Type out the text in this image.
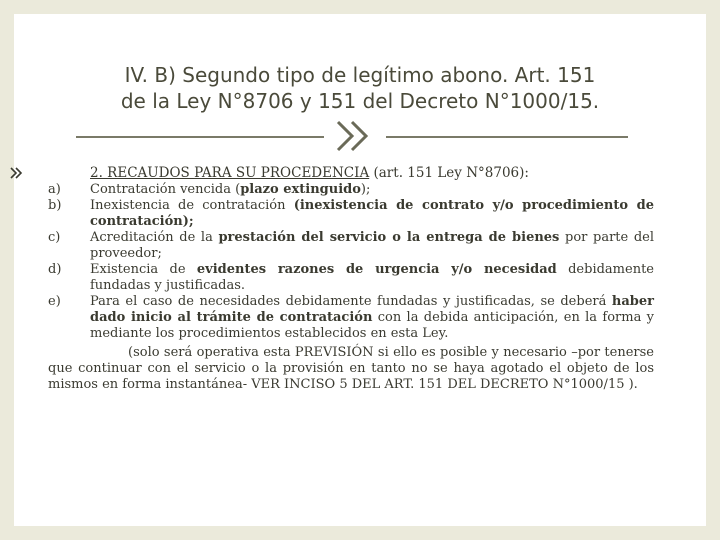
IV. B) Segundo tipo de legítimo abono. Art. 151
de la Ley N°8706 y 151 del Decreto N°1000/15.
2. RECAUDOS PARA SU PROCEDENCIA (art. 151 Ley N°8706):
a)	Contratación vencida (plazo extinguido);
b)	Inexistencia de contratación (inexistencia de contrato y/o procedimiento de contratación);
c)	Acreditación de la prestación del servicio o la entrega de bienes por parte del proveedor;
d)	Existencia de evidentes razones de urgencia y/o necesidad debidamente fundadas y justificadas.
e)	Para el caso de necesidades debidamente fundadas y justificadas, se deberá haber dado inicio al trámite de contratación con la debida anticipación, en la forma y mediante los procedimientos establecidos en esta Ley.
(solo será operativa esta PREVISIÓN si ello es posible y necesario –por tenerse que continuar con el servicio o la provisión en tanto no se haya agotado el objeto de los mismos en forma instantánea- VER INCISO 5 DEL ART. 151 DEL DECRETO N°1000/15 ).
